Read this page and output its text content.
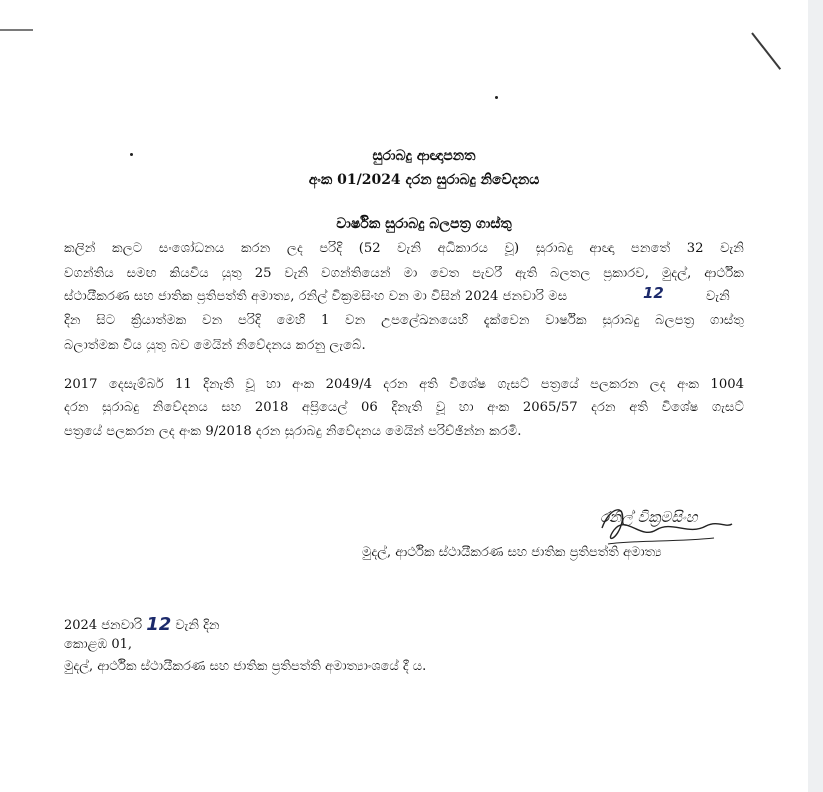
සුරාබදු ආඥාපනත
අංක 01/2024 දරන සුරාබදු නිවේදනය
වාර්ෂික සුරාබදු බලපත්‍ර ගාස්තු
කලින් කලට සංශෝධනය කරන ලද පරිදි (52 වැනි අධිකාරය වූ) සුරාබදු ආඥා පනතේ 32 වැනි
වගන්තිය සමඟ කියවිය යුතු 25 වැනි වගන්තියෙන් මා වෙත පැවරී ඇති බලතල ප්‍රකාරව, මුදල්, ආර්ථික
ස්ථායීකරණ සහ ජාතික ප්‍රතිපත්ති අමාත්‍ය, රනිල් වික්‍රමසිංහ වන මා විසින් 2024 ජනවාරි මස	12	වැනි
දින සිට ක්‍රියාත්මක වන පරිදි මෙහි 1 වන උපලේඛනයෙහි දැක්වෙන වාර්ෂික සුරාබදු බලපත්‍ර ගාස්තු
බලාත්මක විය යුතු බව මෙයින් නිවේදනය කරනු ලැබේ.
2017 දෙසැම්බර් 11 දිනැති වූ හා අංක 2049/4 දරන අති විශේෂ ගැසට් පත්‍රයේ පලකරන ලද අංක 1004
දරන සුරාබදු නිවේදනය සහ 2018 අප්‍රියෙල් 06 දිනැති වූ හා අංක 2065/57 දරන අති විශේෂ ගැසට්
පත්‍රයේ පලකරන ලද අංක 9/2018 දරන සුරාබදු නිවේදනය මෙයින් පරිච්ඡින්න කරමි.
රනිල් වික්‍රමසිංහ
මුදල්, ආර්ථික ස්ථායීකරණ සහ ජාතික ප්‍රතිපත්ති අමාත්‍ය
2024 ජනවාරි 12 වැනි දින
කොළඹ 01,
මුදල්, ආර්ථික ස්ථායීකරණ සහ ජාතික ප්‍රතිපත්ති අමාත්‍යාංශයේ දී ය.
